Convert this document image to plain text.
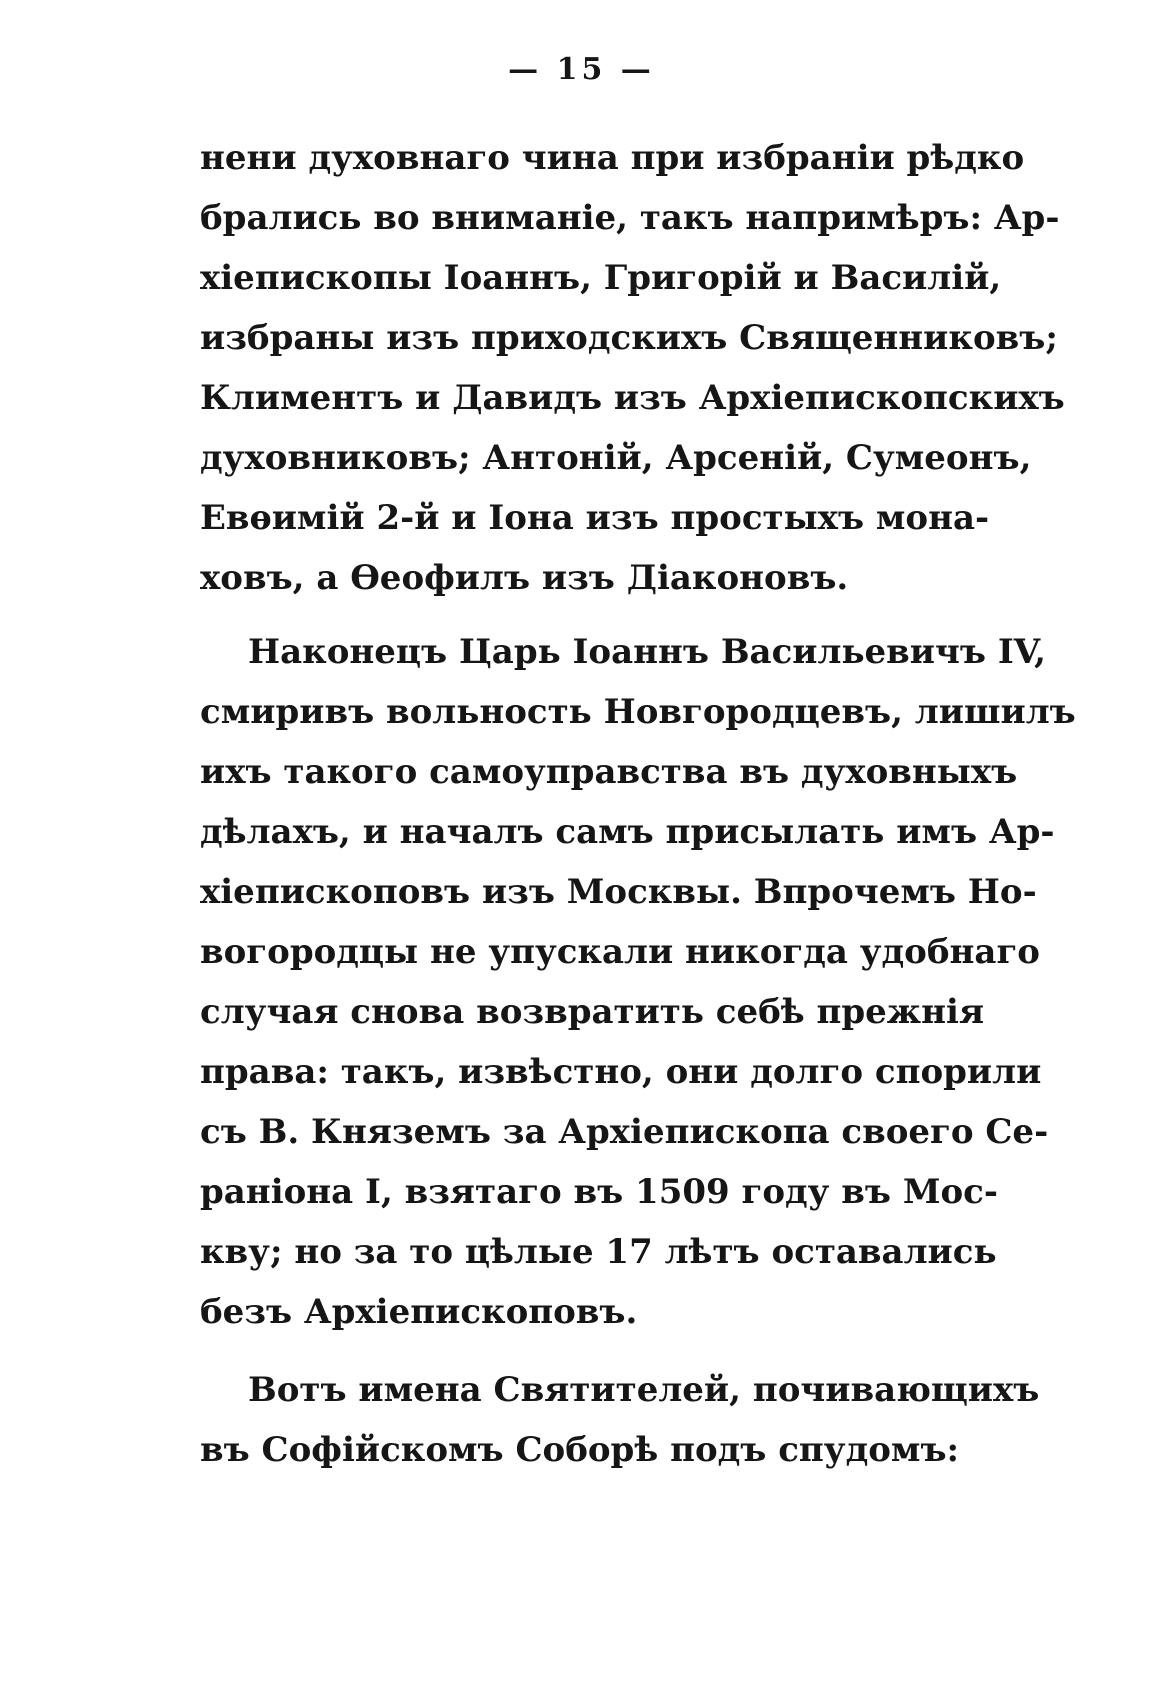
— 15 —
нени духовнаго чина при избраніи рѣдко
брались во вниманіе, такъ напримѣръ: Ар-
хіепископы Іоаннъ, Григорій и Василій,
избраны изъ приходскихъ Священниковъ;
Климентъ и Давидъ изъ Архіепископскихъ
духовниковъ; Антоній, Арсеній, Сумеонъ,
Евѳимій 2-й и Іона изъ простыхъ мона-
ховъ, а Ѳеофилъ изъ Діаконовъ.
Наконецъ Царь Іоаннъ Васильевичъ IV,
смиривъ вольность Новгородцевъ, лишилъ
ихъ такого самоуправства въ духовныхъ
дѣлахъ, и началъ самъ присылать имъ Ар-
хіепископовъ изъ Москвы. Впрочемъ Но-
вогородцы не упускали никогда удобнаго
случая снова возвратить себѣ прежнія
права: такъ, извѣстно, они долго спорили
съ В. Княземъ за Архіепископа своего Се-
раніона I, взятаго въ 1509 году въ Мос-
кву; но за то цѣлые 17 лѣтъ оставались
безъ Архіепископовъ.
Вотъ имена Святителей, почивающихъ
въ Софійскомъ Соборѣ подъ спудомъ:
